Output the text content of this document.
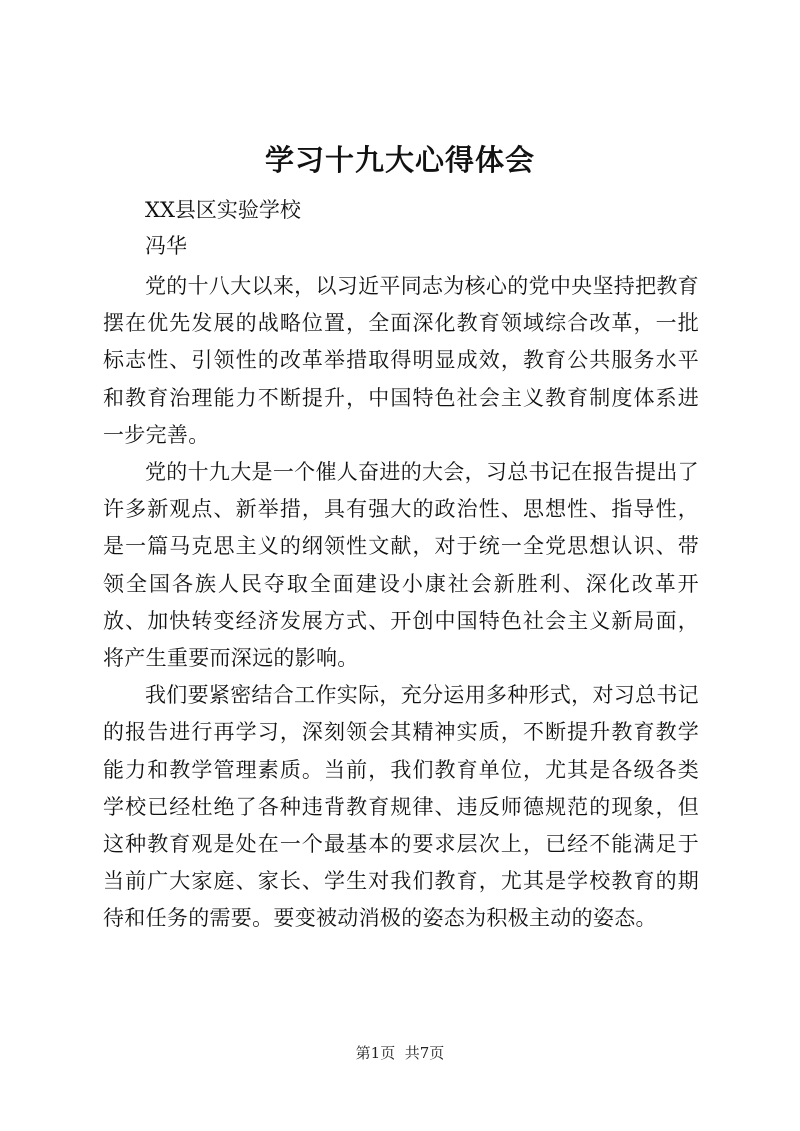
学习十九大心得体会

XX县区实验学校

冯华

党的十八大以来，以习近平同志为核心的党中央坚持把教育摆在优先发展的战略位置，全面深化教育领域综合改革，一批标志性、引领性的改革举措取得明显成效，教育公共服务水平和教育治理能力不断提升，中国特色社会主义教育制度体系进一步完善。

党的十九大是一个催人奋进的大会，习总书记在报告提出了许多新观点、新举措，具有强大的政治性、思想性、指导性，是一篇马克思主义的纲领性文献，对于统一全党思想认识、带领全国各族人民夺取全面建设小康社会新胜利、深化改革开放、加快转变经济发展方式、开创中国特色社会主义新局面，将产生重要而深远的影响。

我们要紧密结合工作实际，充分运用多种形式，对习总书记的报告进行再学习，深刻领会其精神实质，不断提升教育教学能力和教学管理素质。当前，我们教育单位，尤其是各级各类学校已经杜绝了各种违背教育规律、违反师德规范的现象，但这种教育观是处在一个最基本的要求层次上，已经不能满足于当前广大家庭、家长、学生对我们教育，尤其是学校教育的期待和任务的需要。要变被动消极的姿态为积极主动的姿态。

第1页 共7页
